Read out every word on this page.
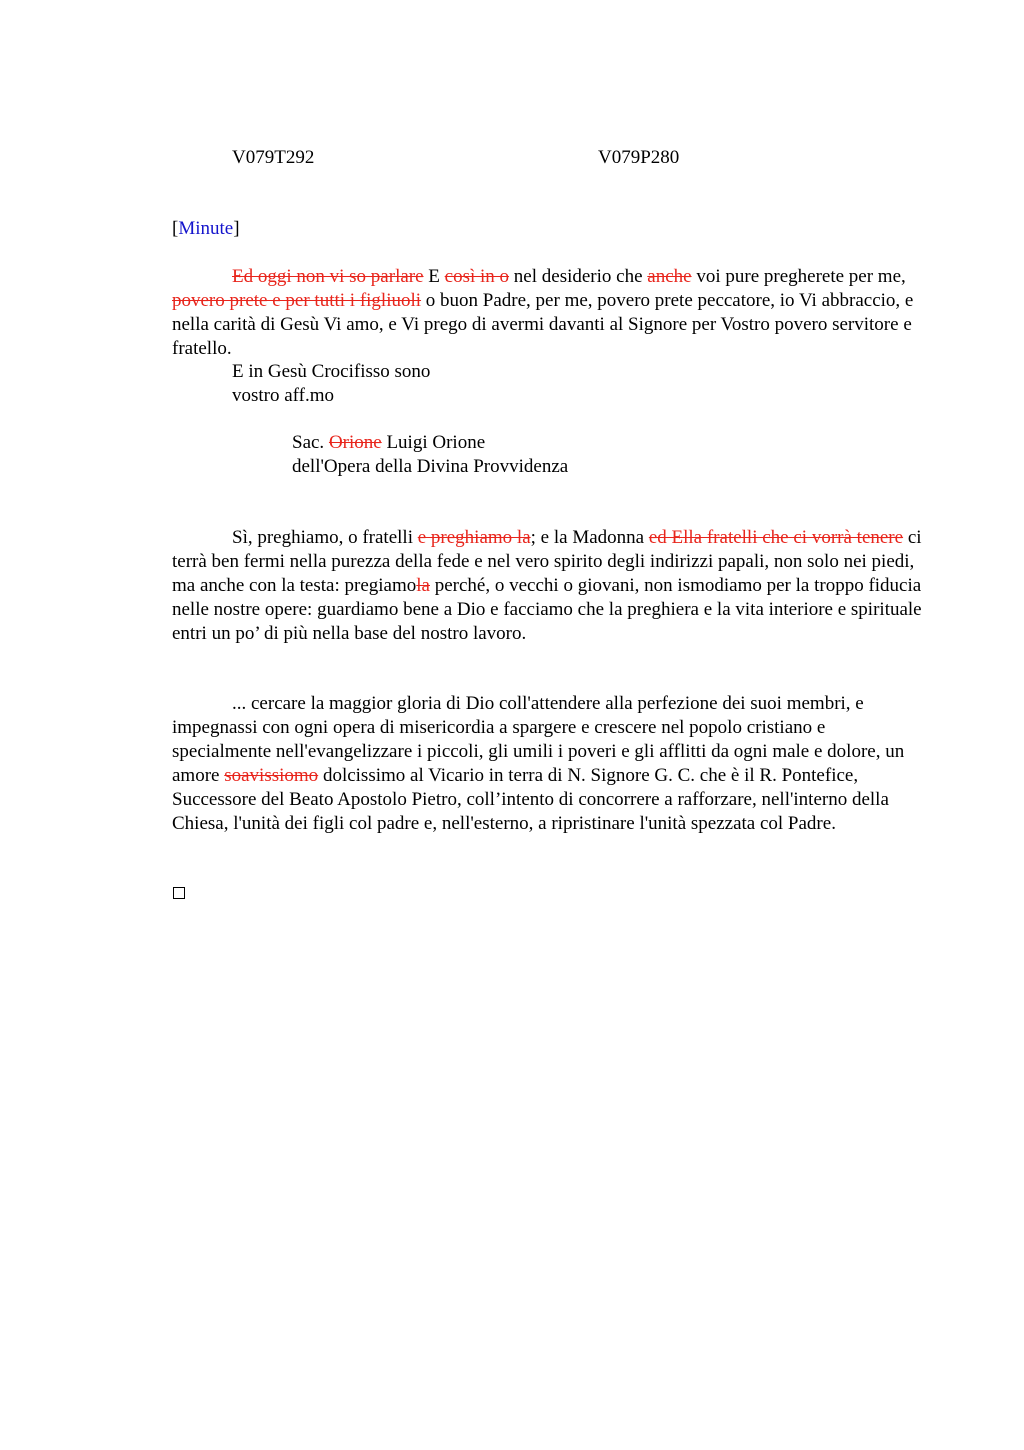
V079T292	V079P280
[Minute]

Ed oggi non vi so parlare E così in o nel desiderio che anche voi pure pregherete per me, povero prete e per tutti i figliuoli o buon Padre, per me, povero prete peccatore, io Vi abbraccio, e nella carità di Gesù Vi amo, e Vi prego di avermi davanti al Signore per Vostro povero servitore e fratello.

E in Gesù Crocifisso sono
vostro aff.mo
Sac. Orione Luigi Orione
dell'Opera della Divina Provvidenza

Sì, preghiamo, o fratelli e preghiamo la; e la Madonna ed Ella fratelli che ci vorrà tenere ci terrà ben fermi nella purezza della fede e nel vero spirito degli indirizzi papali, non solo nei piedi, ma anche con la testa: pregiamola perché, o vecchi o giovani, non ismodiamo per la troppo fiducia nelle nostre opere: guardiamo bene a Dio e facciamo che la preghiera e la vita interiore e spirituale entri un po’ di più nella base del nostro lavoro.

... cercare la maggior gloria di Dio coll'attendere alla perfezione dei suoi membri, e impegnassi con ogni opera di misericordia a spargere e crescere nel popolo cristiano e specialmente nell'evangelizzare i piccoli, gli umili i poveri e gli afflitti da ogni male e dolore, un amore soavissiomo dolcissimo al Vicario in terra di N. Signore G. C. che è il R. Pontefice, Successore del Beato Apostolo Pietro, coll’intento di concorrere a rafforzare, nell'interno della Chiesa, l'unità dei figli col padre e, nell'esterno, a ripristinare l'unità spezzata col Padre.
